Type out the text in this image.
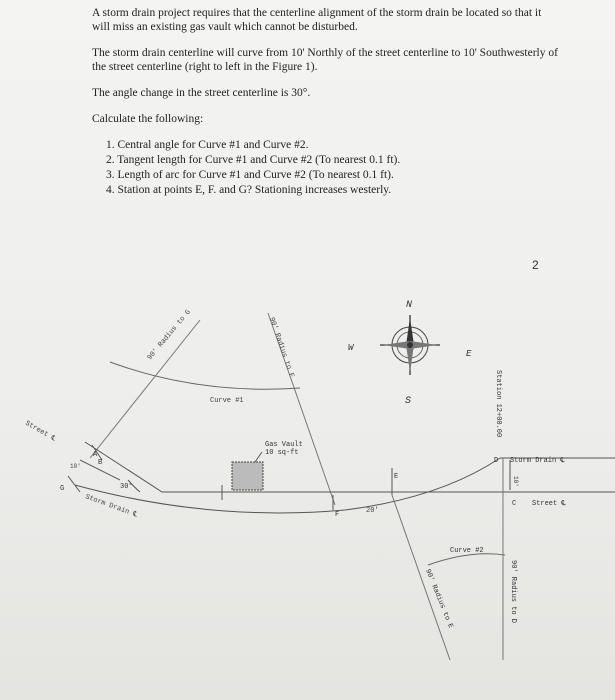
A storm drain project requires that the centerline alignment of the storm drain be located so that it will miss an existing gas vault which cannot be disturbed.

The storm drain centerline will curve from 10' Northly of the street centerline to 10' Southwesterly of the street centerline (right to left in the Figure 1).

The angle change in the street centerline is 30°.

Calculate the following:

1. Central angle for Curve #1 and Curve #2.
2. Tangent length for Curve #1 and Curve #2 (To nearest 0.1 ft).
3. Length of arc for Curve #1 and Curve #2 (To nearest 0.1 ft).
4. Station at points E, F. and G? Stationing increases westerly.
2
N
S
W
E
90' Radius to G	90' Radius to F
Curve #1
Gas Vault
10 sq-ft
Street ℄
Storm Drain ℄
10'
30°
20'
A
B
G
F
E
D
C
Station 12+00.00
Storm Drain ℄
Street ℄
10'
Curve #2
90' Radius to E	90' Radius to D
